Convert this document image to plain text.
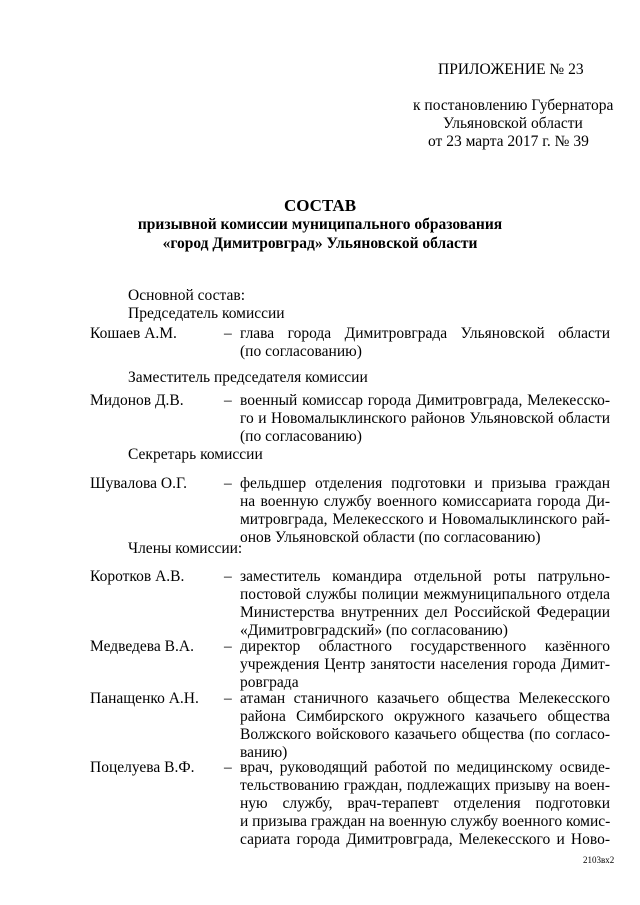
ПРИЛОЖЕНИЕ № 23
к постановлению Губернатора
Ульяновской области
от 23 марта 2017 г. № 39
СОСТАВ
призывной комиссии муниципального образования
«город Димитровград» Ульяновской области
Основной состав:
Председатель комиссии
Кошаев А.М.	– глава города Димитровграда Ульяновской области
(по согласованию)
Заместитель председателя комиссии
Мидонов Д.В.	– военный комиссар города Димитровграда, Мелекесско-
го и Новомалыклинского районов Ульяновской области
(по согласованию)
Секретарь комиссии
Шувалова О.Г. – фельдшер отделения подготовки и призыва граждан
на военную службу военного комиссариата города Ди-
митровграда, Мелекесского и Новомалыклинского рай-
онов Ульяновской области (по согласованию)
Члены комиссии:
Коротков А.В.	– заместитель командира отдельной роты патрульно-
постовой службы полиции межмуниципального отдела
Министерства внутренних дел Российской Федерации
«Димитровградский» (по согласованию)
Медведева В.А. – директор областного государственного казённого
учреждения Центр занятости населения города Димит-
ровграда
Панащенко А.Н. – атаман станичного казачьего общества Мелекесского
района Симбирского окружного казачьего общества
Волжского войскового казачьего общества (по согласо-
ванию)
Поцелуева В.Ф. – врач, руководящий работой по медицинскому освиде-
тельствованию граждан, подлежащих призыву на воен-
ную службу, врач-терапевт отделения подготовки
и призыва граждан на военную службу военного комис-
сариата города Димитровграда, Мелекесского и Ново-
2103вх2
